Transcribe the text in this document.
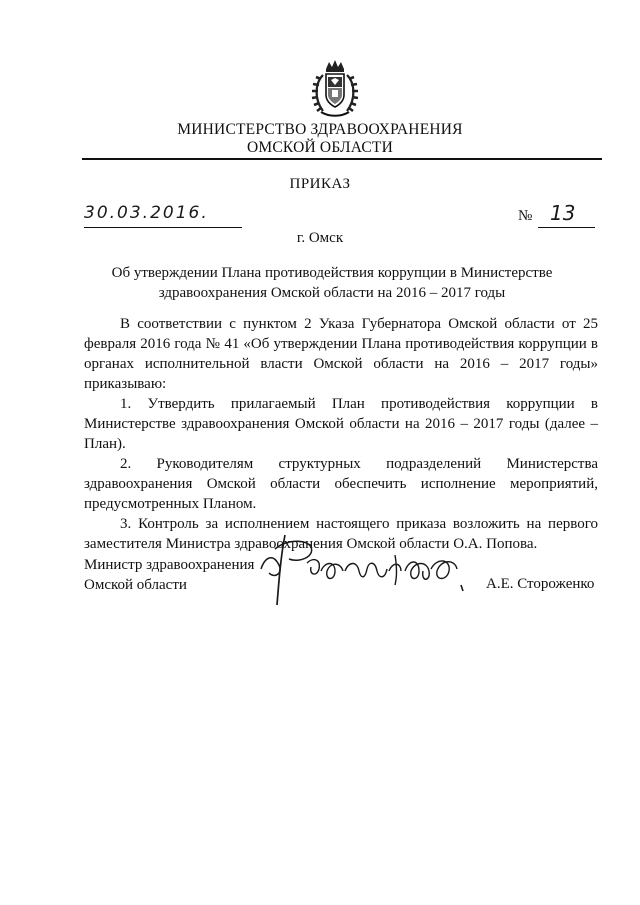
МИНИСТЕРСТВО ЗДРАВООХРАНЕНИЯ
ОМСКОЙ ОБЛАСТИ
ПРИКАЗ
30.03.2016.	№ 13
г. Омск
Об утверждении Плана противодействия коррупции в Министерстве здравоохранения Омской области на 2016 – 2017 годы

В соответствии с пунктом 2 Указа Губернатора Омской области от 25 февраля 2016 года № 41 «Об утверждении Плана противодействия коррупции в органах исполнительной власти Омской области на 2016 – 2017 годы» приказываю:

1. Утвердить прилагаемый План противодействия коррупции в Министерстве здравоохранения Омской области на 2016 – 2017 годы (далее – План).

2. Руководителям структурных подразделений Министерства здравоохранения Омской области обеспечить исполнение мероприятий, предусмотренных Планом.

3. Контроль за исполнением настоящего приказа возложить на первого заместителя Министра здравоохранения Омской области О.А. Попова.

Министр здравоохранения
Омской области	А.Е. Стороженко
